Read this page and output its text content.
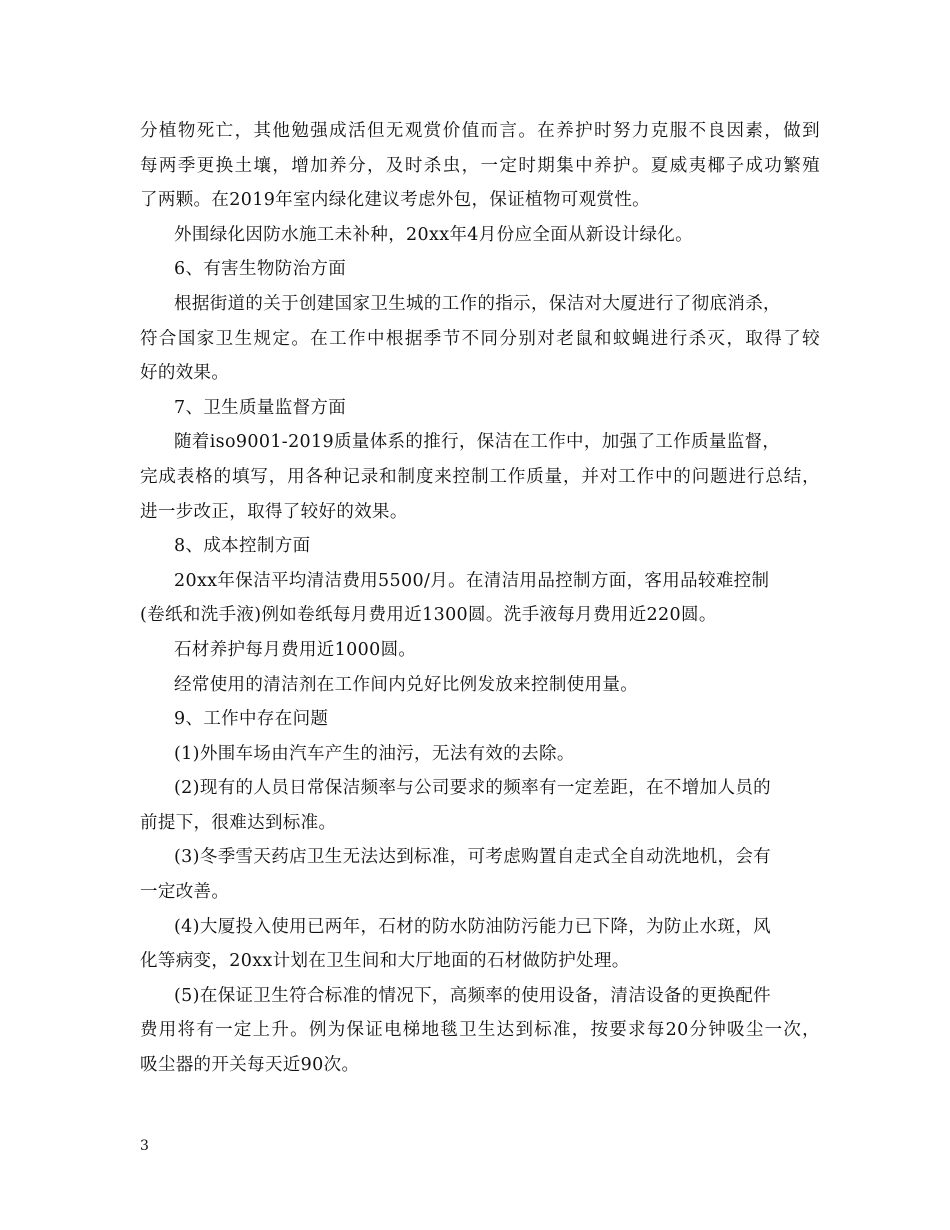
分植物死亡，其他勉强成活但无观赏价值而言。在养护时努力克服不良因素，做到
每两季更换土壤，增加养分，及时杀虫，一定时期集中养护。夏威夷椰子成功繁殖
了两颗。在2019年室内绿化建议考虑外包，保证植物可观赏性。
外围绿化因防水施工未补种，20xx年4月份应全面从新设计绿化。
6、有害生物防治方面
根据街道的关于创建国家卫生城的工作的指示，保洁对大厦进行了彻底消杀，
符合国家卫生规定。在工作中根据季节不同分别对老鼠和蚊蝇进行杀灭，取得了较
好的效果。
7、卫生质量监督方面
随着iso9001-2019质量体系的推行，保洁在工作中，加强了工作质量监督，
完成表格的填写，用各种记录和制度来控制工作质量，并对工作中的问题进行总结，
进一步改正，取得了较好的效果。
8、成本控制方面
20xx年保洁平均清洁费用5500/月。在清洁用品控制方面，客用品较难控制
(卷纸和洗手液)例如卷纸每月费用近1300圆。洗手液每月费用近220圆。
石材养护每月费用近1000圆。
经常使用的清洁剂在工作间内兑好比例发放来控制使用量。
9、工作中存在问题
(1)外围车场由汽车产生的油污，无法有效的去除。
(2)现有的人员日常保洁频率与公司要求的频率有一定差距，在不增加人员的
前提下，很难达到标准。
(3)冬季雪天药店卫生无法达到标准，可考虑购置自走式全自动洗地机，会有
一定改善。
(4)大厦投入使用已两年，石材的防水防油防污能力已下降，为防止水斑，风
化等病变，20xx计划在卫生间和大厅地面的石材做防护处理。
(5)在保证卫生符合标准的情况下，高频率的使用设备，清洁设备的更换配件
费用将有一定上升。例为保证电梯地毯卫生达到标准，按要求每20分钟吸尘一次，
吸尘器的开关每天近90次。
3
